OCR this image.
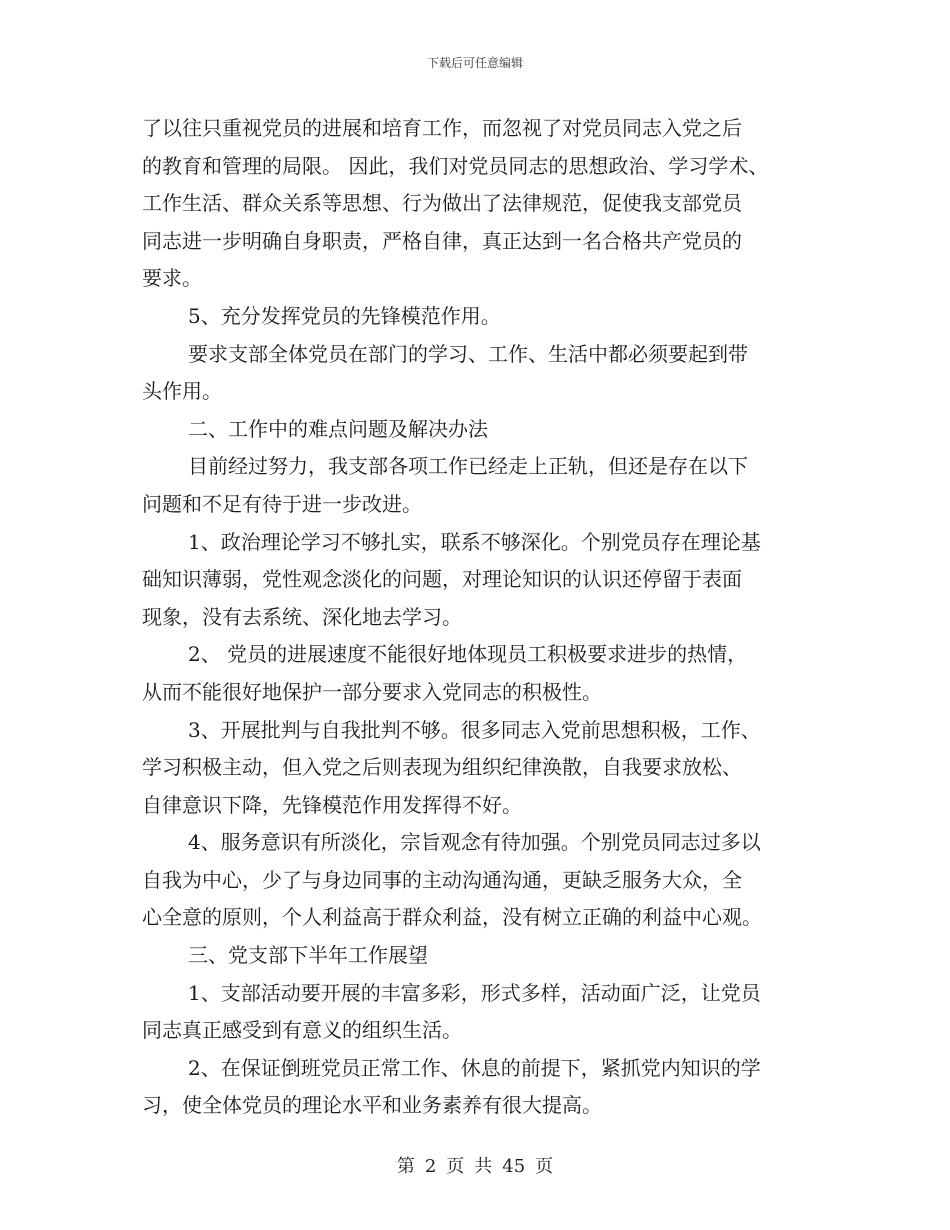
下载后可任意编辑
了以往只重视党员的进展和培育工作，而忽视了对党员同志入党之后
的教育和管理的局限。 因此，我们对党员同志的思想政治、学习学术、
工作生活、群众关系等思想、行为做出了法律规范，促使我支部党员
同志进一步明确自身职责，严格自律，真正达到一名合格共产党员的
要求。
5、充分发挥党员的先锋模范作用。
要求支部全体党员在部门的学习、工作、生活中都必须要起到带
头作用。
二、工作中的难点问题及解决办法
目前经过努力，我支部各项工作已经走上正轨，但还是存在以下
问题和不足有待于进一步改进。
1、政治理论学习不够扎实，联系不够深化。个别党员存在理论基
础知识薄弱，党性观念淡化的问题，对理论知识的认识还停留于表面
现象，没有去系统、深化地去学习。
2、 党员的进展速度不能很好地体现员工积极要求进步的热情，
从而不能很好地保护一部分要求入党同志的积极性。
3、开展批判与自我批判不够。很多同志入党前思想积极，工作、
学习积极主动，但入党之后则表现为组织纪律涣散，自我要求放松、
自律意识下降，先锋模范作用发挥得不好。
4、服务意识有所淡化，宗旨观念有待加强。个别党员同志过多以
自我为中心，少了与身边同事的主动沟通沟通，更缺乏服务大众，全
心全意的原则，个人利益高于群众利益，没有树立正确的利益中心观。
三、党支部下半年工作展望
1、支部活动要开展的丰富多彩，形式多样，活动面广泛，让党员
同志真正感受到有意义的组织生活。
2、在保证倒班党员正常工作、休息的前提下，紧抓党内知识的学
习，使全体党员的理论水平和业务素养有很大提高。
第 2 页 共 45 页
